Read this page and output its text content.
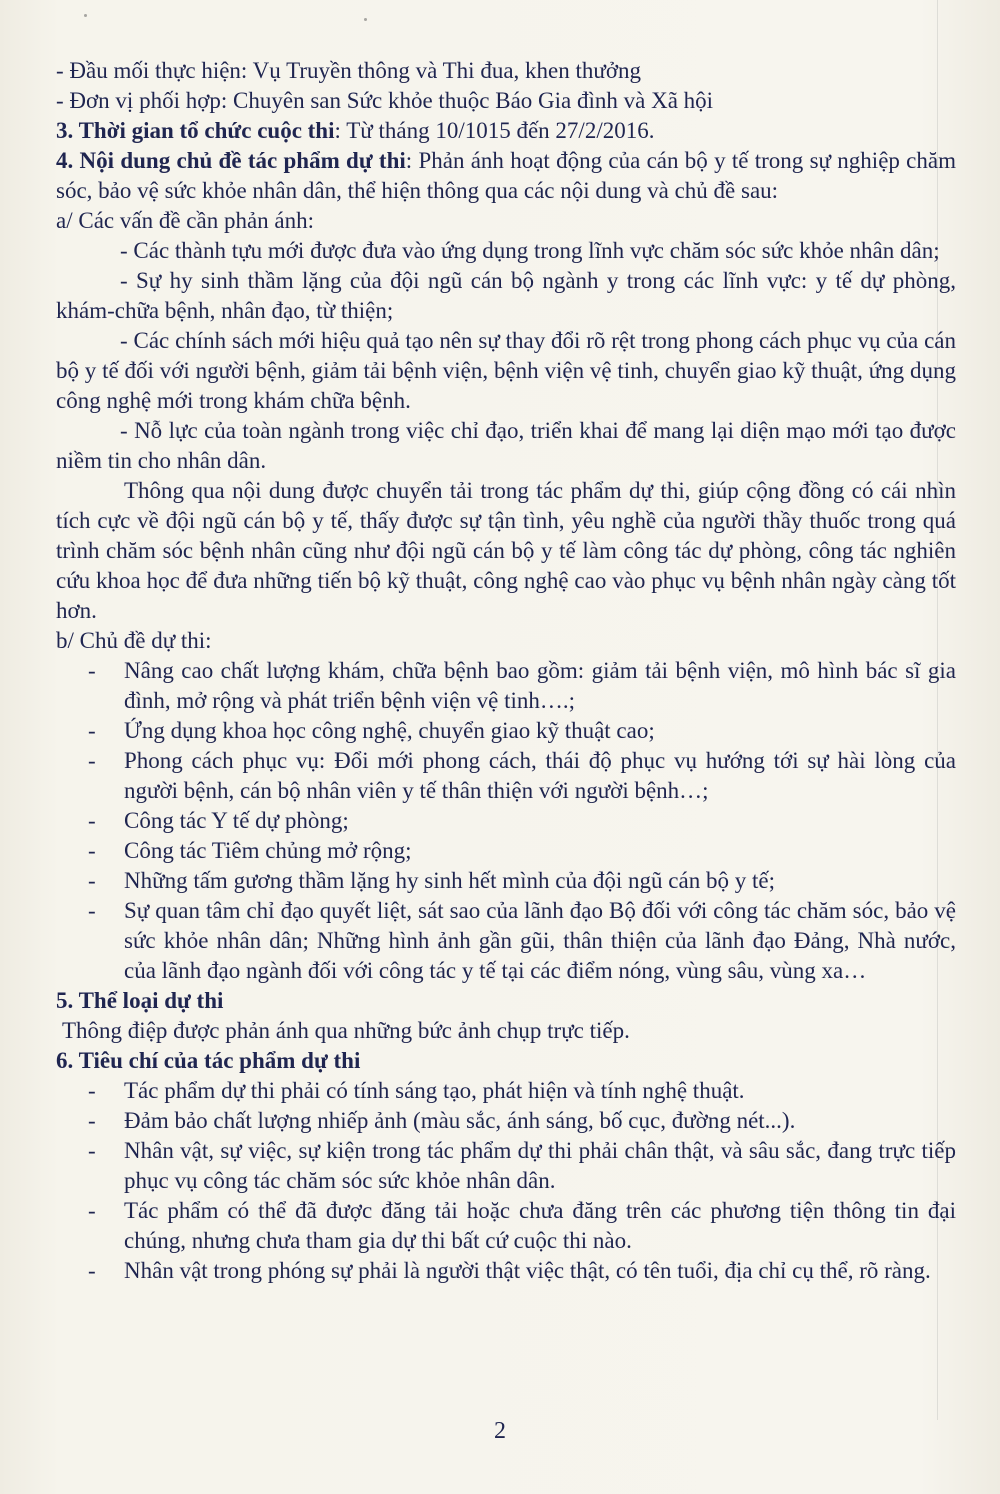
- Đầu mối thực hiện: Vụ Truyền thông và Thi đua, khen thưởng

- Đơn vị phối hợp: Chuyên san Sức khỏe thuộc Báo Gia đình và Xã hội

3. Thời gian tổ chức cuộc thi: Từ tháng 10/1015 đến 27/2/2016.

4. Nội dung chủ đề tác phẩm dự thi: Phản ánh hoạt động của cán bộ y tế trong sự nghiệp chăm sóc, bảo vệ sức khỏe nhân dân, thể hiện thông qua các nội dung và chủ đề sau:

a/ Các vấn đề cần phản ánh:

- Các thành tựu mới được đưa vào ứng dụng trong lĩnh vực chăm sóc sức khỏe nhân dân;

- Sự hy sinh thầm lặng của đội ngũ cán bộ ngành y trong các lĩnh vực: y tế dự phòng, khám-chữa bệnh, nhân đạo, từ thiện;

- Các chính sách mới hiệu quả tạo nên sự thay đổi rõ rệt trong phong cách phục vụ của cán bộ y tế đối với người bệnh, giảm tải bệnh viện, bệnh viện vệ tinh, chuyển giao kỹ thuật, ứng dụng công nghệ mới trong khám chữa bệnh.

- Nỗ lực của toàn ngành trong việc chỉ đạo, triển khai để mang lại diện mạo mới tạo được niềm tin cho nhân dân.

Thông qua nội dung được chuyển tải trong tác phẩm dự thi, giúp cộng đồng có cái nhìn tích cực về đội ngũ cán bộ y tế, thấy được sự tận tình, yêu nghề của người thầy thuốc trong quá trình chăm sóc bệnh nhân cũng như đội ngũ cán bộ y tế làm công tác dự phòng, công tác nghiên cứu khoa học để đưa những tiến bộ kỹ thuật, công nghệ cao vào phục vụ bệnh nhân ngày càng tốt hơn.

b/ Chủ đề dự thi:

- Nâng cao chất lượng khám, chữa bệnh bao gồm: giảm tải bệnh viện, mô hình bác sĩ gia đình, mở rộng và phát triển bệnh viện vệ tinh….;
- Ứng dụng khoa học công nghệ, chuyển giao kỹ thuật cao;
- Phong cách phục vụ: Đổi mới phong cách, thái độ phục vụ hướng tới sự hài lòng của người bệnh, cán bộ nhân viên y tế thân thiện với người bệnh…;
- Công tác Y tế dự phòng;
- Công tác Tiêm chủng mở rộng;
- Những tấm gương thầm lặng hy sinh hết mình của đội ngũ cán bộ y tế;
- Sự quan tâm chỉ đạo quyết liệt, sát sao của lãnh đạo Bộ đối với công tác chăm sóc, bảo vệ sức khỏe nhân dân; Những hình ảnh gần gũi, thân thiện của lãnh đạo Đảng, Nhà nước, của lãnh đạo ngành đối với công tác y tế tại các điểm nóng, vùng sâu, vùng xa…

5. Thể loại dự thi

Thông điệp được phản ánh qua những bức ảnh chụp trực tiếp.

6. Tiêu chí của tác phẩm dự thi

- Tác phẩm dự thi phải có tính sáng tạo, phát hiện và tính nghệ thuật.
- Đảm bảo chất lượng nhiếp ảnh (màu sắc, ánh sáng, bố cục, đường nét...).
- Nhân vật, sự việc, sự kiện trong tác phẩm dự thi phải chân thật, và sâu sắc, đang trực tiếp phục vụ công tác chăm sóc sức khỏe nhân dân.
- Tác phẩm có thể đã được đăng tải hoặc chưa đăng trên các phương tiện thông tin đại chúng, nhưng chưa tham gia dự thi bất cứ cuộc thi nào.
- Nhân vật trong phóng sự phải là người thật việc thật, có tên tuổi, địa chỉ cụ thể, rõ ràng.
2
